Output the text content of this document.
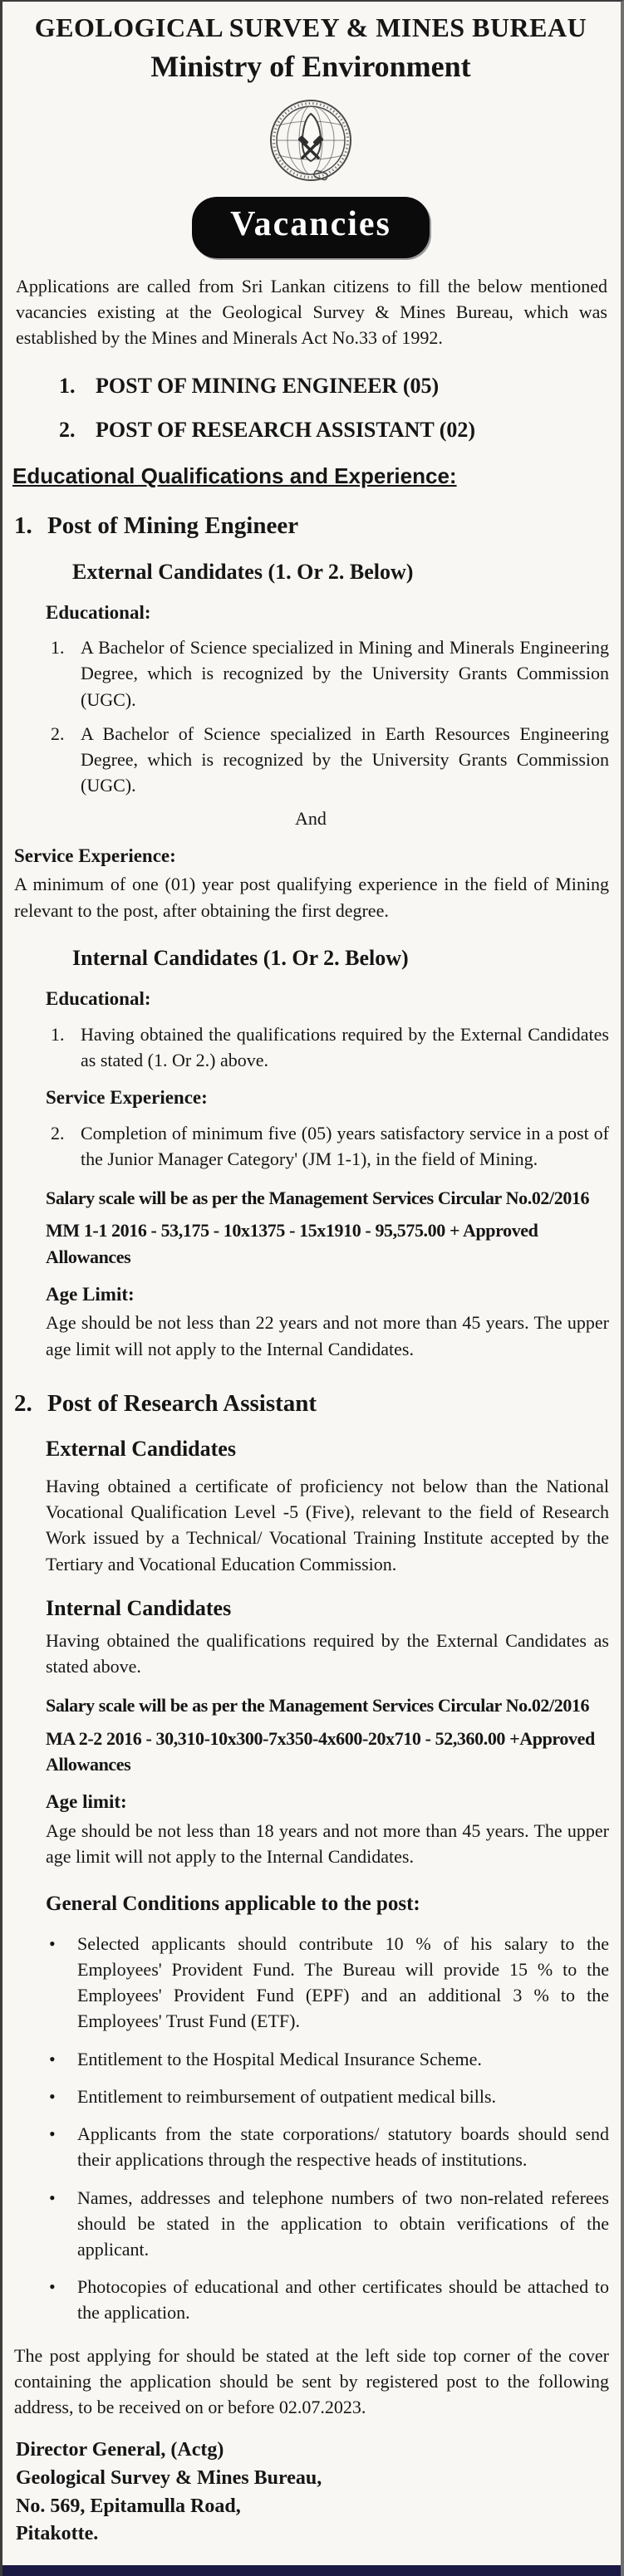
GEOLOGICAL SURVEY & MINES BUREAU
Ministry of Environment
Vacancies

Applications are called from Sri Lankan citizens to fill the below mentioned vacancies existing at the Geological Survey & Mines Bureau, which was established by the Mines and Minerals Act No.33 of 1992.

1. POST OF MINING ENGINEER (05)
2. POST OF RESEARCH ASSISTANT (02)
Educational Qualifications and Experience:
1. Post of Mining Engineer
External Candidates (1. Or 2. Below)
Educational:
1. A Bachelor of Science specialized in Mining and Minerals Engineering Degree, which is recognized by the University Grants Commission (UGC).
2. A Bachelor of Science specialized in Earth Resources Engineering Degree, which is recognized by the University Grants Commission (UGC).
And
Service Experience:

A minimum of one (01) year post qualifying experience in the field of Mining relevant to the post, after obtaining the first degree.

Internal Candidates (1. Or 2. Below)
Educational:
1. Having obtained the qualifications required by the External Candidates as stated (1. Or 2.) above.
Service Experience:
2. Completion of minimum five (05) years satisfactory service in a post of the Junior Manager Category' (JM 1-1), in the field of Mining.
Salary scale will be as per the Management Services Circular No.02/2016
MM 1-1 2016 - 53,175 - 10x1375 - 15x1910 - 95,575.00 + Approved Allowances
Age Limit:

Age should be not less than 22 years and not more than 45 years. The upper age limit will not apply to the Internal Candidates.

2. Post of Research Assistant
External Candidates

Having obtained a certificate of proficiency not below than the National Vocational Qualification Level -5 (Five), relevant to the field of Research Work issued by a Technical/ Vocational Training Institute accepted by the Tertiary and Vocational Education Commission.

Internal Candidates

Having obtained the qualifications required by the External Candidates as stated above.

Salary scale will be as per the Management Services Circular No.02/2016
MA 2-2 2016 - 30,310-10x300-7x350-4x600-20x710 - 52,360.00 +Approved Allowances
Age limit:

Age should be not less than 18 years and not more than 45 years. The upper age limit will not apply to the Internal Candidates.

General Conditions applicable to the post:
•	Selected applicants should contribute 10 % of his salary to the Employees' Provident Fund. The Bureau will provide 15 % to the Employees' Provident Fund (EPF) and an additional 3 % to the Employees' Trust Fund (ETF).
•	Entitlement to the Hospital Medical Insurance Scheme.
•	Entitlement to reimbursement of outpatient medical bills.
•	Applicants from the state corporations/ statutory boards should send their applications through the respective heads of institutions.
•	Names, addresses and telephone numbers of two non-related referees should be stated in the application to obtain verifications of the applicant.
•	Photocopies of educational and other certificates should be attached to the application.

The post applying for should be stated at the left side top corner of the cover containing the application should be sent by registered post to the following address, to be received on or before 02.07.2023.

Director General, (Actg)
Geological Survey & Mines Bureau,
No. 569, Epitamulla Road,
Pitakotte.
